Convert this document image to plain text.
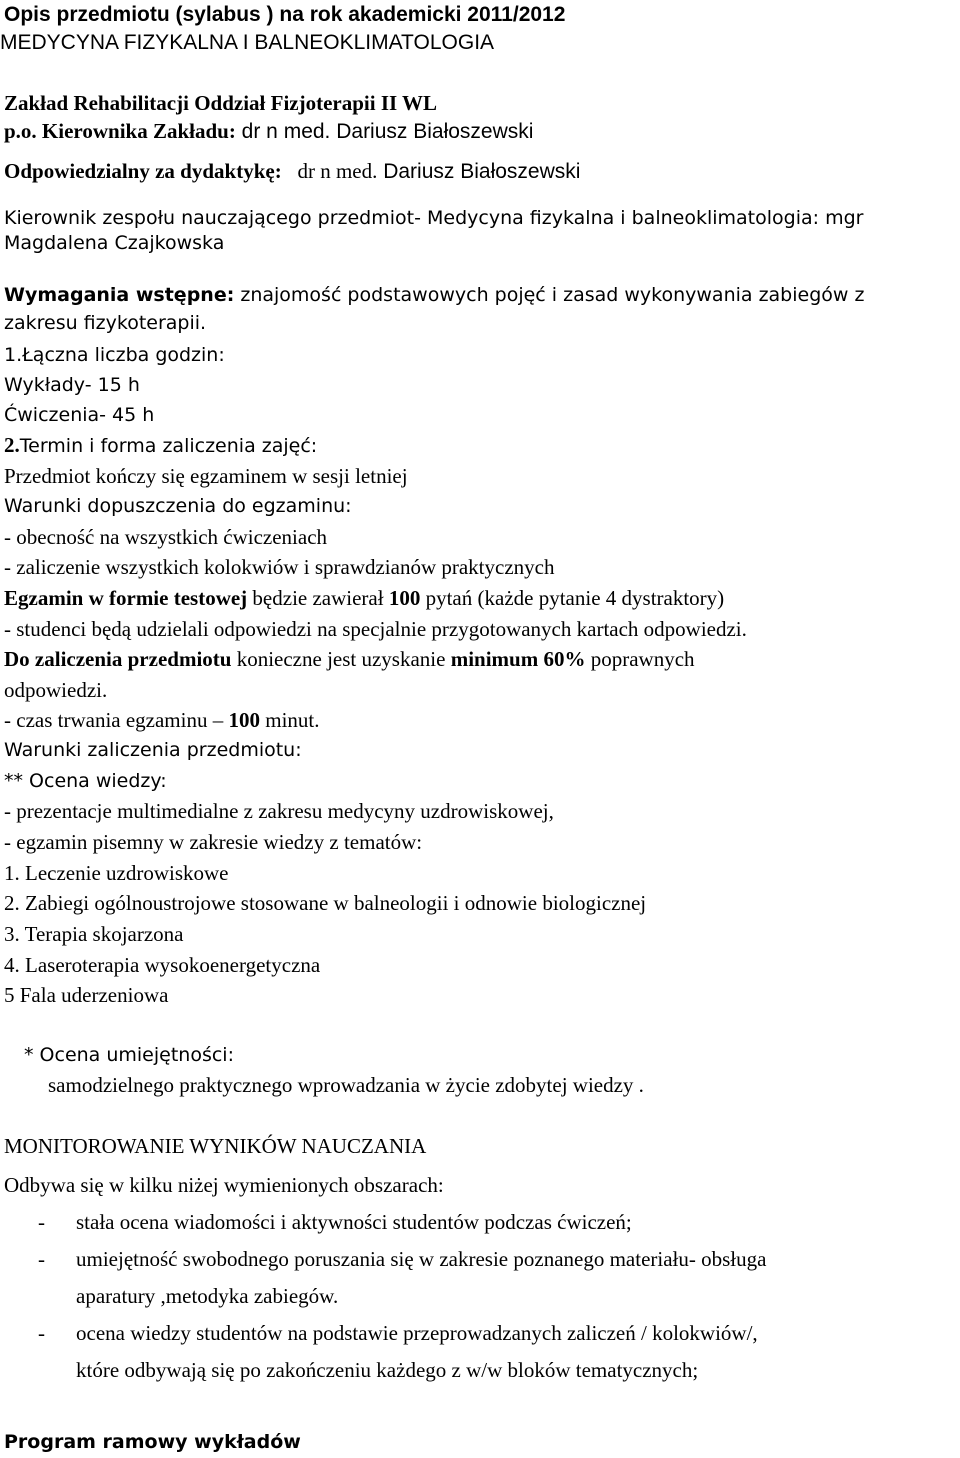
Opis przedmiotu (sylabus ) na rok akademicki 2011/2012
MEDYCYNA FIZYKALNA I BALNEOKLIMATOLOGIA
Zakład Rehabilitacji Oddział Fizjoterapii II WL
p.o. Kierownika Zakładu: dr n med. Dariusz Białoszewski
Odpowiedzialny za dydaktykę:   dr n med. Dariusz Białoszewski
Kierownik zespołu nauczającego przedmiot- Medycyna fizykalna i balneoklimatologia: mgr
Magdalena Czajkowska
Wymagania wstępne: znajomość podstawowych pojęć i zasad wykonywania zabiegów z
zakresu fizykoterapii.
1.Łączna liczba godzin:
Wykłady- 15 h
Ćwiczenia- 45 h
2.Termin i forma zaliczenia zajęć:
Przedmiot kończy się egzaminem w sesji letniej
Warunki dopuszczenia do egzaminu:
- obecność na wszystkich ćwiczeniach
- zaliczenie wszystkich kolokwiów i sprawdzianów praktycznych
Egzamin w formie testowej będzie zawierał 100 pytań (każde pytanie 4 dystraktory)
- studenci będą udzielali odpowiedzi na specjalnie przygotowanych kartach odpowiedzi.
Do zaliczenia przedmiotu konieczne jest uzyskanie minimum 60% poprawnych
odpowiedzi.
- czas trwania egzaminu – 100 minut.
Warunki zaliczenia przedmiotu:
** Ocena wiedzy:
- prezentacje multimedialne z zakresu medycyny uzdrowiskowej,
- egzamin pisemny w zakresie wiedzy z tematów:
1. Leczenie uzdrowiskowe
2. Zabiegi ogólnoustrojowe stosowane w balneologii i odnowie biologicznej
3. Terapia skojarzona
4. Laseroterapia wysokoenergetyczna
5 Fala uderzeniowa
* Ocena umiejętności:
samodzielnego praktycznego wprowadzania w życie zdobytej wiedzy .
MONITOROWANIE WYNIKÓW NAUCZANIA
Odbywa się w kilku niżej wymienionych obszarach:
- stała ocena wiadomości i aktywności studentów podczas ćwiczeń;
- umiejętność swobodnego poruszania się w zakresie poznanego materiału- obsługa
aparatury ,metodyka zabiegów.
- ocena wiedzy studentów na podstawie przeprowadzanych zaliczeń / kolokwiów/,
które odbywają się po zakończeniu każdego z w/w bloków tematycznych;
Program ramowy wykładów
